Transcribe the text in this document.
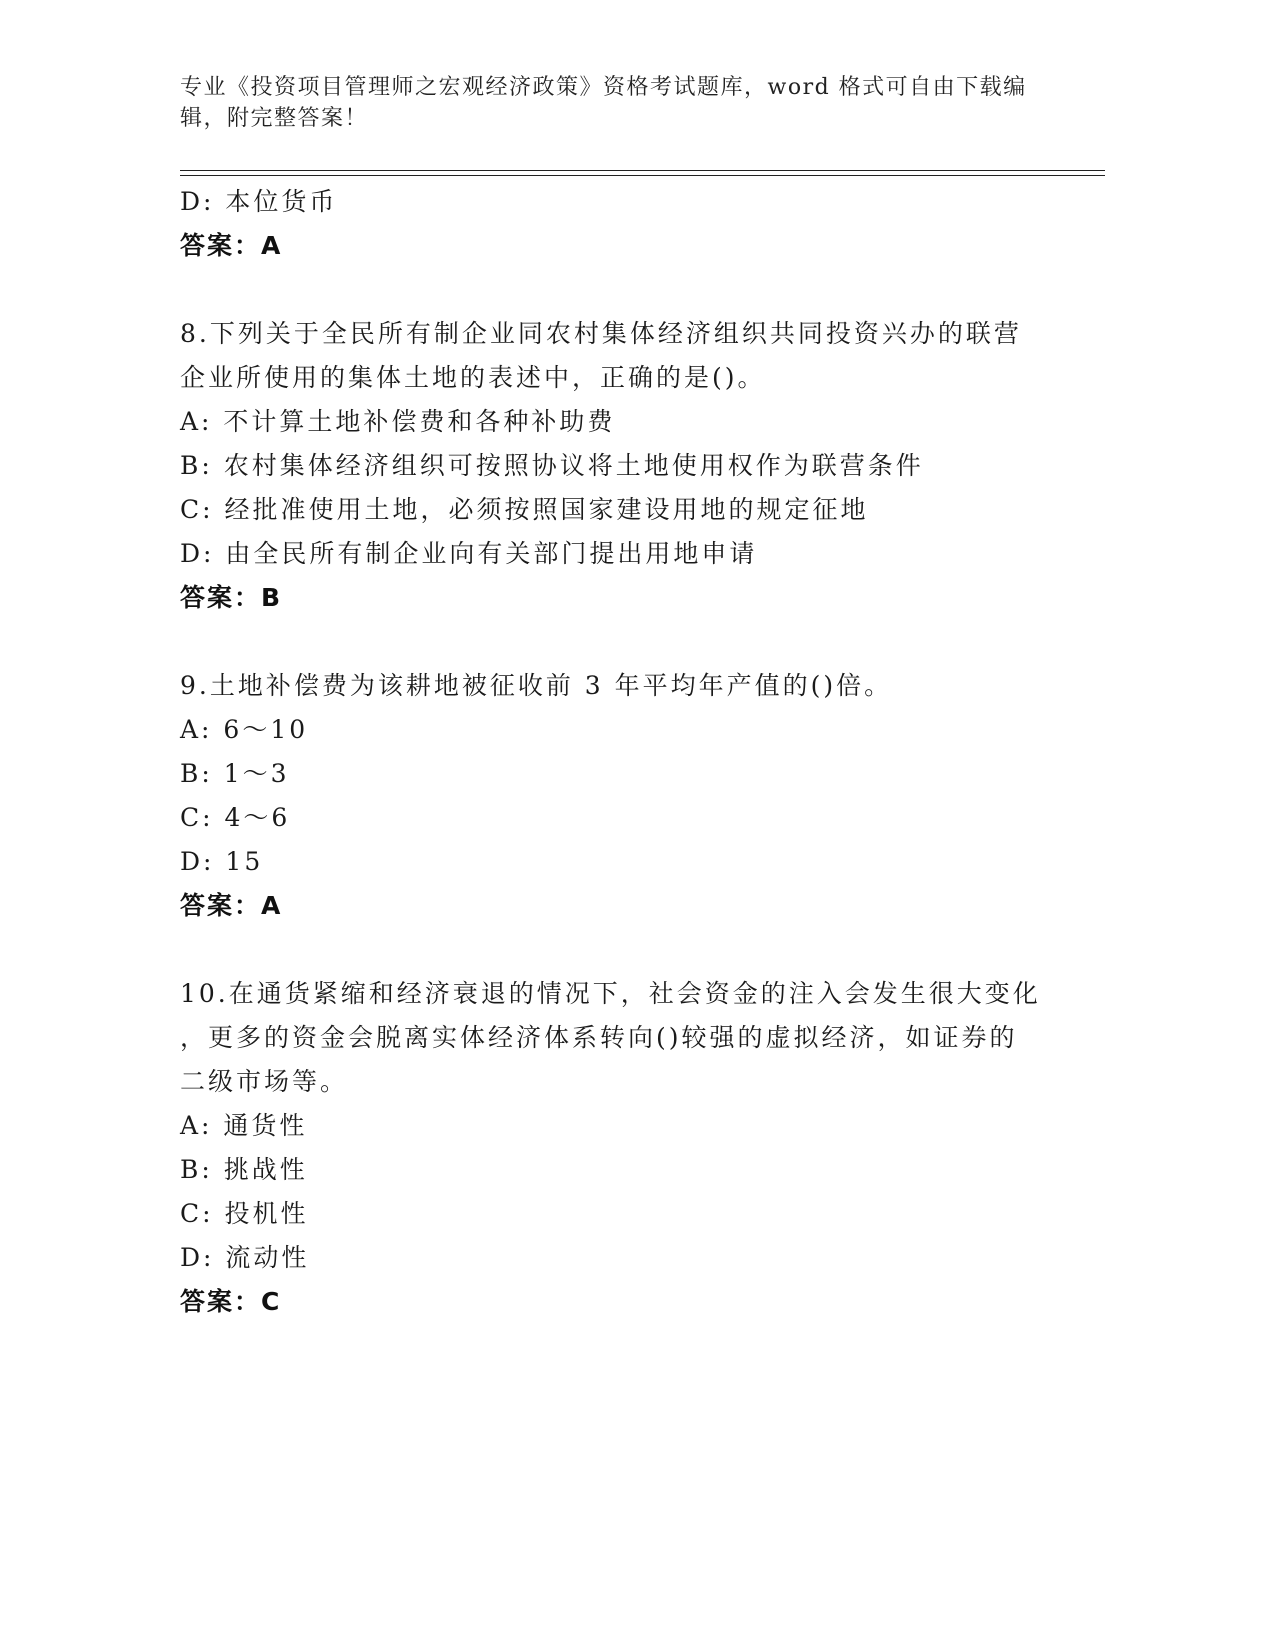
专业《投资项目管理师之宏观经济政策》资格考试题库，word 格式可自由下载编
辑，附完整答案！
D: 本位货币
答案：A
8.下列关于全民所有制企业同农村集体经济组织共同投资兴办的联营
企业所使用的集体土地的表述中，正确的是()。
A: 不计算土地补偿费和各种补助费
B: 农村集体经济组织可按照协议将土地使用权作为联营条件
C: 经批准使用土地，必须按照国家建设用地的规定征地
D: 由全民所有制企业向有关部门提出用地申请
答案：B
9.土地补偿费为该耕地被征收前 3 年平均年产值的()倍。
A: 6～10
B: 1～3
C: 4～6
D: 15
答案：A
10.在通货紧缩和经济衰退的情况下，社会资金的注入会发生很大变化
，更多的资金会脱离实体经济体系转向()较强的虚拟经济，如证券的
二级市场等。
A: 通货性
B: 挑战性
C: 投机性
D: 流动性
答案：C
